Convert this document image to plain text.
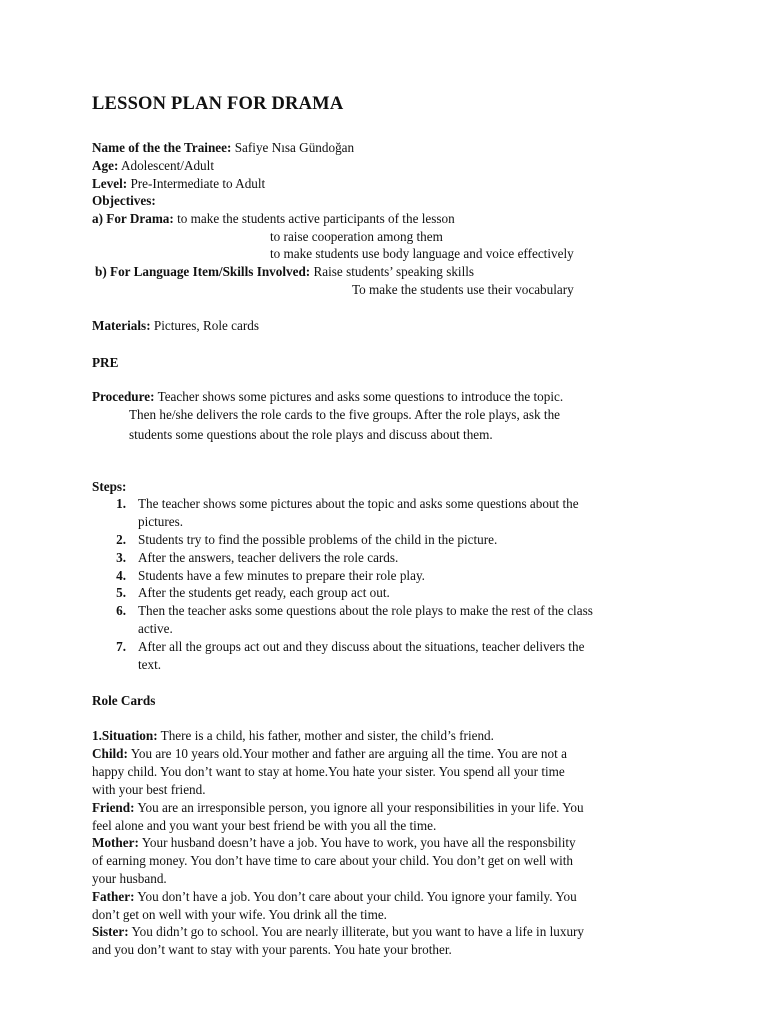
LESSON PLAN FOR DRAMA
Name of the the Trainee: Safiye Nısa Gündoğan
Age: Adolescent/Adult
Level: Pre-Intermediate to Adult
Objectives:
a) For Drama: to make the students active participants of the lesson
to raise cooperation among them
to make students use body language and voice effectively
b) For Language Item/Skills Involved: Raise students’ speaking skills
To make the students use their vocabulary
Materials: Pictures, Role cards
PRE
Procedure: Teacher shows some pictures and asks some questions to introduce the topic.
Then he/she delivers the role cards to the five groups. After the role plays, ask the
students some questions about the role plays and discuss about them.
Steps:
1. The teacher shows some pictures about the topic and asks some questions about the
pictures.
2. Students try to find the possible problems of the child in the picture.
3. After the answers, teacher delivers the role cards.
4. Students have a few minutes to prepare their role play.
5. After the students get ready, each group act out.
6. Then the teacher asks some questions about the role plays to make the rest of the class
active.
7. After all the groups act out and they discuss about the situations, teacher delivers the
text.
Role Cards
1.Situation: There is a child, his father, mother and sister, the child’s friend.
Child: You are 10 years old.Your mother and father are arguing all the time. You are not a
happy child. You don’t want to stay at home.You hate your sister. You spend all your time
with your best friend.
Friend: You are an irresponsible person, you ignore all your responsibilities in your life. You
feel alone and you want your best friend be with you all the time.
Mother: Your husband doesn’t have a job. You have to work, you have all the responsbility
of earning money. You don’t have time to care about your child. You don’t get on well with
your husband.
Father: You don’t have a job. You don’t care about your child. You ignore your family. You
don’t get on well with your wife. You drink all the time.
Sister: You didn’t go to school. You are nearly illiterate, but you want to have a life in luxury
and you don’t want to stay with your parents. You hate your brother.
